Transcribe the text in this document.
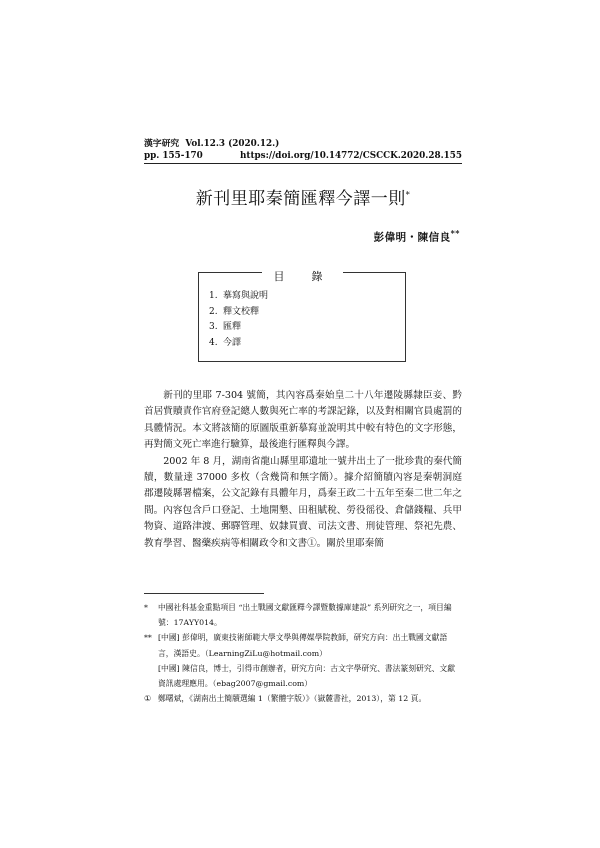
漢字研究 Vol.12.3 (2020.12.)
pp. 155-170	https://doi.org/10.14772/CSCCK.2020.28.155
新刊里耶秦簡匯釋今譯一則*
彭偉明・陳信良**
目　錄
1. 摹寫與說明
2. 釋文校釋
3. 匯釋
4. 今譯

新刊的里耶 7-304 號簡，其內容爲秦始皇二十八年遷陵縣隸臣妾、黔首居貲贖責作官府登記總人數與死亡率的考課記錄，以及對相關官員處罰的具體情況。本文將該簡的原圖版重新摹寫並說明其中較有特色的文字形態，再對簡文死亡率進行驗算，最後進行匯釋與今譯。

2002 年 8 月，湖南省龍山縣里耶遺址一號井出土了一批珍貴的秦代簡牘，數量達 37000 多枚（含幾筒和無字簡）。據介紹簡牘內容是秦朝洞庭郡遷陵縣署檔案，公文記錄有具體年月，爲秦王政二十五年至秦二世二年之間。內容包含戶口登記、土地開墾、田租賦稅、勞役徭役、倉儲錢糧、兵甲物資、道路津渡、郵驛管理、奴隸買賣、司法文書、刑徒管理、祭祀先農、教育學習、醫藥疾病等相關政令和文書①。關於里耶秦簡

* 中國社科基金重點項目 “出土戰國文獻匯釋今譯暨數據庫建設” 系列研究之一，項目編號：17AYY014。
** [中國] 彭偉明，廣東技術師範大學文學與傳媒學院教師，研究方向：出土戰國文獻語言，漢語史。（LearningZiLu@hotmail.com）
[中國] 陳信良，博士，引得市創辦者，研究方向：古文字學研究、書法篆刻研究、文獻資訊處理應用。（ebag2007@gmail.com）
① 鄭曙斌，《湖南出土簡牘選編 1（繁體字版）》（嶽麓書社，2013），第 12 頁。
